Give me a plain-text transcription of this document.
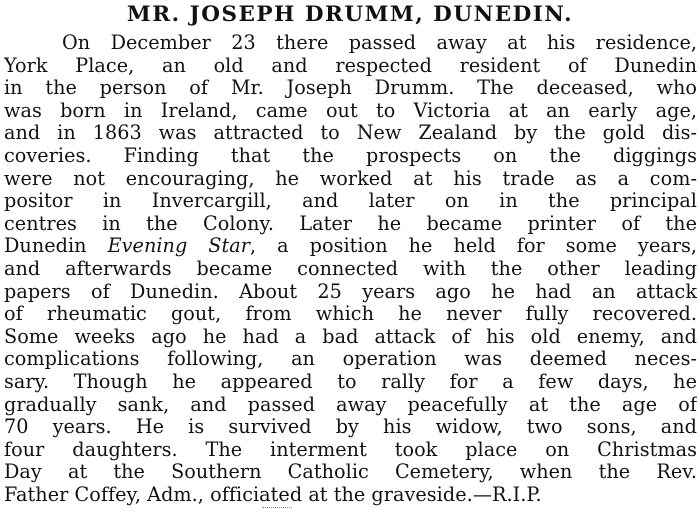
MR. JOSEPH DRUMM, DUNEDIN.
On December 23 there passed away at his residence,
York Place, an old and respected resident of Dunedin
in the person of Mr. Joseph Drumm. The deceased, who
was born in Ireland, came out to Victoria at an early age,
and in 1863 was attracted to New Zealand by the gold dis-
coveries. Finding that the prospects on the diggings
were not encouraging, he worked at his trade as a com-
positor in Invercargill, and later on in the principal
centres in the Colony. Later he became printer of the
Dunedin Evening Star, a position he held for some years,
and afterwards became connected with the other leading
papers of Dunedin. About 25 years ago he had an attack
of rheumatic gout, from which he never fully recovered.
Some weeks ago he had a bad attack of his old enemy, and
complications following, an operation was deemed neces-
sary. Though he appeared to rally for a few days, he
gradually sank, and passed away peacefully at the age of
70 years. He is survived by his widow, two sons, and
four daughters. The interment took place on Christmas
Day at the Southern Catholic Cemetery, when the Rev.
Father Coffey, Adm., officiated at the graveside.—R.I.P.
